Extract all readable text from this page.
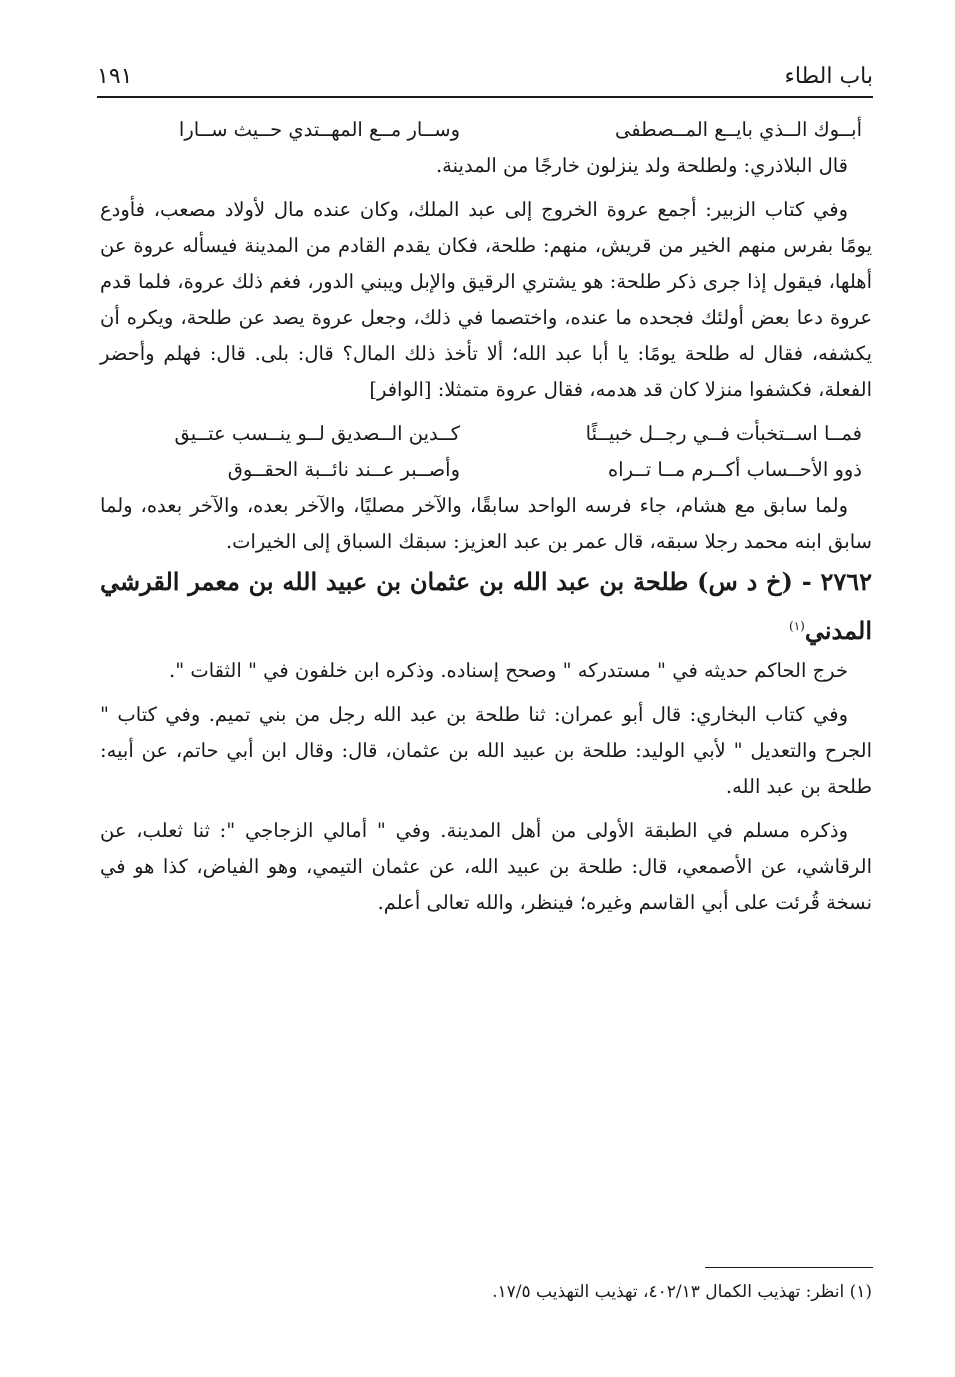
باب الطاء
١٩١
أبــوك الــذي بايــع المــصطفى
وســار مــع المهــتدي حــيث ســارا

قال البلاذري: ولطلحة ولد ينزلون خارجًا من المدينة.

وفي كتاب الزبير: أجمع عروة الخروج إلى عبد الملك، وكان عنده مال لأولاد مصعب، فأودع يومًا بفرس منهم الخير من قريش، منهم: طلحة، فكان يقدم القادم من المدينة فيسأله عروة عن أهلها، فيقول إذا جرى ذكر طلحة: هو يشتري الرقيق والإبل ويبني الدور، فغم ذلك عروة، فلما قدم عروة دعا بعض أولئك فجحده ما عنده، واختصما في ذلك، وجعل عروة يصد عن طلحة، ويكره أن يكشفه، فقال له طلحة يومًا: يا أبا عبد الله؛ ألا تأخذ ذلك المال؟ قال: بلى. قال: فهلم وأحضر الفعلة، فكشفوا منزلا كان قد هدمه، فقال عروة متمثلا: [الوافر]

فمــا اســتخبأت فــي رجــل خبيــئًا
كــدين الــصديق لــو ينــسب عتــيق
ذوو الأحــساب أكــرم مــا تــراه
وأصــبر عــند نائــبة الحقــوق

ولما سابق مع هشام، جاء فرسه الواحد سابقًا، والآخر مصليًا، والآخر بعده، والآخر بعده، ولما سابق ابنه محمد رجلا سبقه، قال عمر بن عبد العزيز: سبقك السباق إلى الخيرات.

٢٧٦٢ - (خ د س) طلحة بن عبد الله بن عثمان بن عبيد الله بن معمر القرشي المدني$^{(١)}$

خرج الحاكم حديثه في " مستدركه " وصحح إسناده. وذكره ابن خلفون في " الثقات ".

وفي كتاب البخاري: قال أبو عمران: ثنا طلحة بن عبد الله رجل من بني تميم. وفي كتاب " الجرح والتعديل " لأبي الوليد: طلحة بن عبيد الله بن عثمان، قال: وقال ابن أبي حاتم، عن أبيه: طلحة بن عبد الله.

وذكره مسلم في الطبقة الأولى من أهل المدينة. وفي " أمالي الزجاجي ": ثنا ثعلب، عن الرقاشي، عن الأصمعي، قال: طلحة بن عبيد الله، عن عثمان التيمي، وهو الفياض، كذا هو في نسخة قُرئت على أبي القاسم وغيره؛ فينظر، والله تعالى أعلم.

(١) انظر: تهذيب الكمال ٤٠٢/١٣، تهذيب التهذيب ١٧/٥.
